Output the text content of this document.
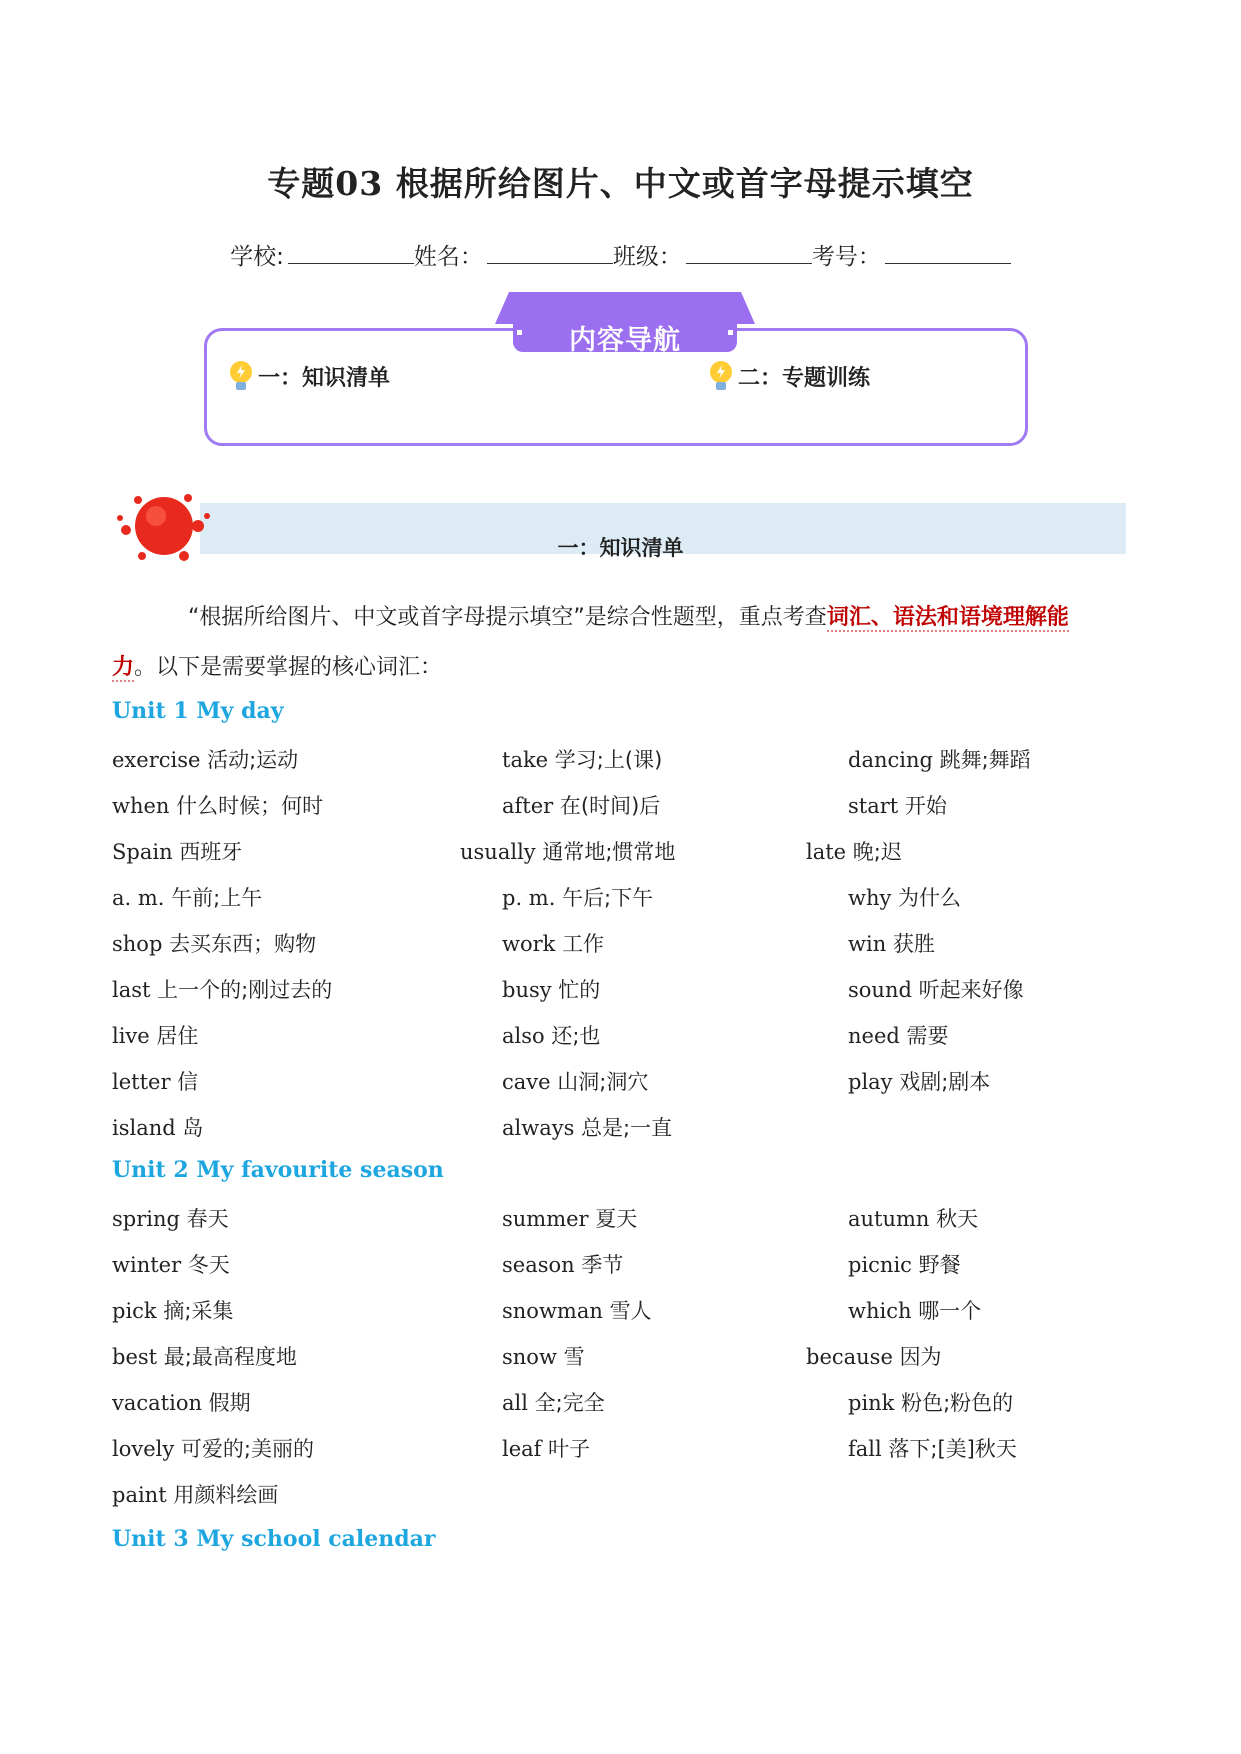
专题03 根据所给图片、中文或首字母提示填空
学校:	姓名：	班级：	考号：
内容导航
一：知识清单	二：专题训练
一：知识清单
“根据所给图片、中文或首字母提示填空”是综合性题型，重点考查词汇、语法和语境理解能
力。以下是需要掌握的核心词汇：
Unit 1 My day
exercise 活动;运动	take 学习;上(课)	dancing 跳舞;舞蹈
when 什么时候；何时	after 在(时间)后	start 开始
Spain 西班牙	usually 通常地;惯常地	late 晚;迟
a. m. 午前;上午	p. m. 午后;下午	why 为什么
shop 去买东西；购物	work 工作	win 获胜
last 上一个的;刚过去的	busy 忙的	sound 听起来好像
live 居住	also 还;也	need 需要
letter 信	cave 山洞;洞穴	play 戏剧;剧本
island 岛	always 总是;一直
Unit 2 My favourite season
spring 春天	summer 夏天	autumn 秋天
winter 冬天	season 季节	picnic 野餐
pick 摘;采集	snowman 雪人	which 哪一个
best 最;最高程度地	snow 雪	because 因为
vacation 假期	all 全;完全	pink 粉色;粉色的
lovely 可爱的;美丽的	leaf 叶子	fall 落下;[美]秋天
paint 用颜料绘画
Unit 3 My school calendar
